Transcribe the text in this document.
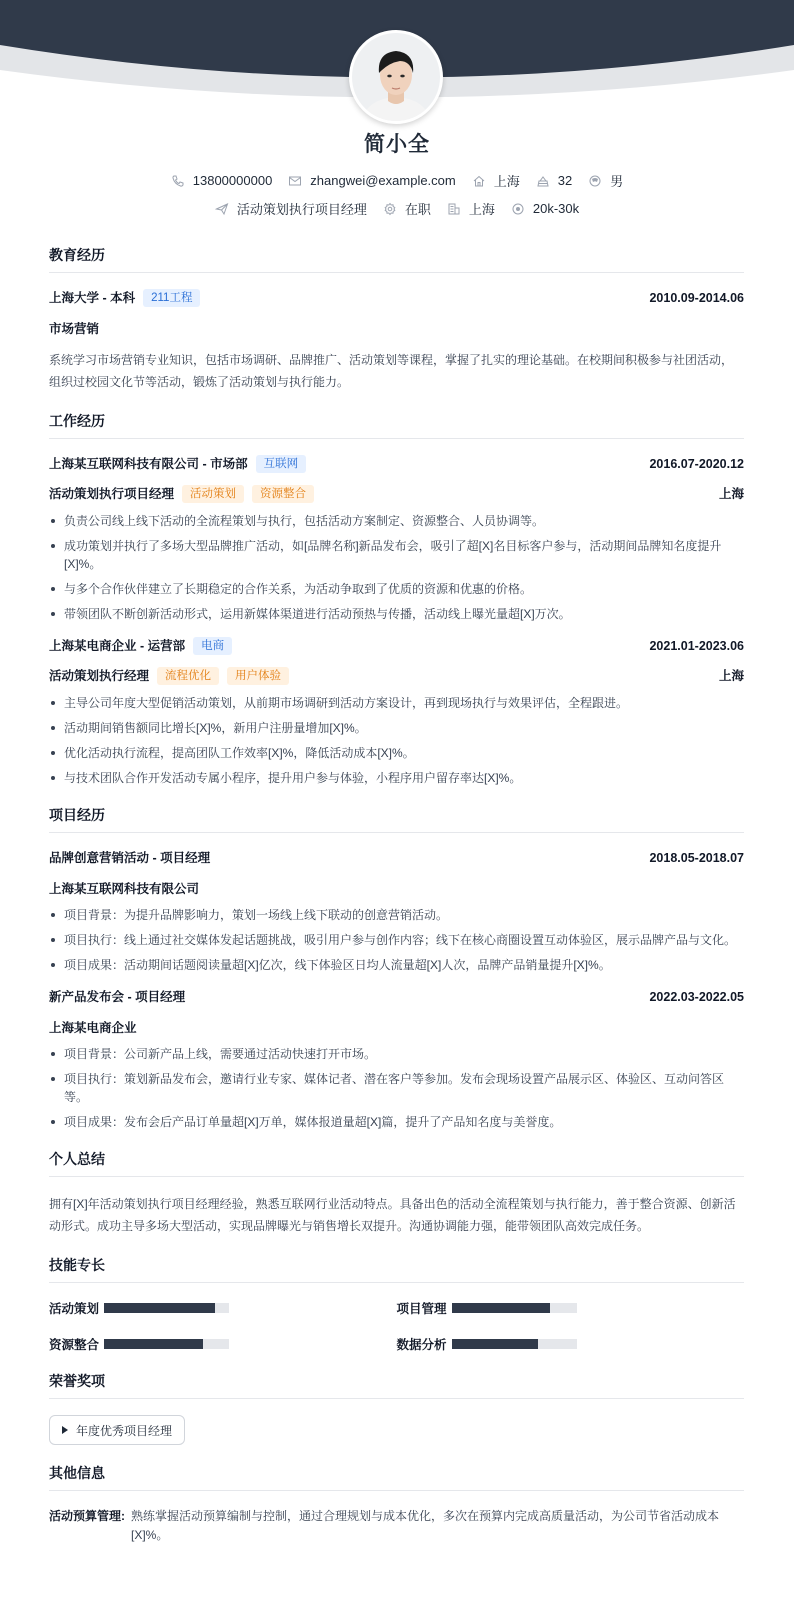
简小全
13800000000	zhangwei@example.com	上海	32	男
活动策划执行项目经理	在职	上海	20k-30k
教育经历
上海大学 - 本科	211工程	2010.09-2014.06
市场营销
系统学习市场营销专业知识，包括市场调研、品牌推广、活动策划等课程，掌握了扎实的理论基础。在校期间积极参与社团活动，组织过校园文化节等活动，锻炼了活动策划与执行能力。
工作经历
上海某互联网科技有限公司 - 市场部	互联网	2016.07-2020.12
活动策划执行项目经理	活动策划	资源整合	上海
负责公司线上线下活动的全流程策划与执行，包括活动方案制定、资源整合、人员协调等。
成功策划并执行了多场大型品牌推广活动，如[品牌名称]新品发布会，吸引了超[X]名目标客户参与，活动期间品牌知名度提升[X]%。
与多个合作伙伴建立了长期稳定的合作关系，为活动争取到了优质的资源和优惠的价格。
带领团队不断创新活动形式，运用新媒体渠道进行活动预热与传播，活动线上曝光量超[X]万次。
上海某电商企业 - 运营部	电商	2021.01-2023.06
活动策划执行经理	流程优化	用户体验	上海
主导公司年度大型促销活动策划，从前期市场调研到活动方案设计，再到现场执行与效果评估，全程跟进。
活动期间销售额同比增长[X]%，新用户注册量增加[X]%。
优化活动执行流程，提高团队工作效率[X]%，降低活动成本[X]%。
与技术团队合作开发活动专属小程序，提升用户参与体验，小程序用户留存率达[X]%。
项目经历
品牌创意营销活动 - 项目经理	2018.05-2018.07
上海某互联网科技有限公司
项目背景：为提升品牌影响力，策划一场线上线下联动的创意营销活动。
项目执行：线上通过社交媒体发起话题挑战，吸引用户参与创作内容；线下在核心商圈设置互动体验区，展示品牌产品与文化。
项目成果：活动期间话题阅读量超[X]亿次，线下体验区日均人流量超[X]人次，品牌产品销量提升[X]%。
新产品发布会 - 项目经理	2022.03-2022.05
上海某电商企业
项目背景：公司新产品上线，需要通过活动快速打开市场。
项目执行：策划新品发布会，邀请行业专家、媒体记者、潜在客户等参加。发布会现场设置产品展示区、体验区、互动问答区等。
项目成果：发布会后产品订单量超[X]万单，媒体报道量超[X]篇，提升了产品知名度与美誉度。
个人总结
拥有[X]年活动策划执行项目经理经验，熟悉互联网行业活动特点。具备出色的活动全流程策划与执行能力，善于整合资源、创新活动形式。成功主导多场大型活动，实现品牌曝光与销售增长双提升。沟通协调能力强，能带领团队高效完成任务。
技能专长
活动策划	项目管理
资源整合	数据分析
荣誉奖项
年度优秀项目经理
其他信息
活动预算管理: 熟练掌握活动预算编制与控制，通过合理规划与成本优化，多次在预算内完成高质量活动，为公司节省活动成本[X]%。
